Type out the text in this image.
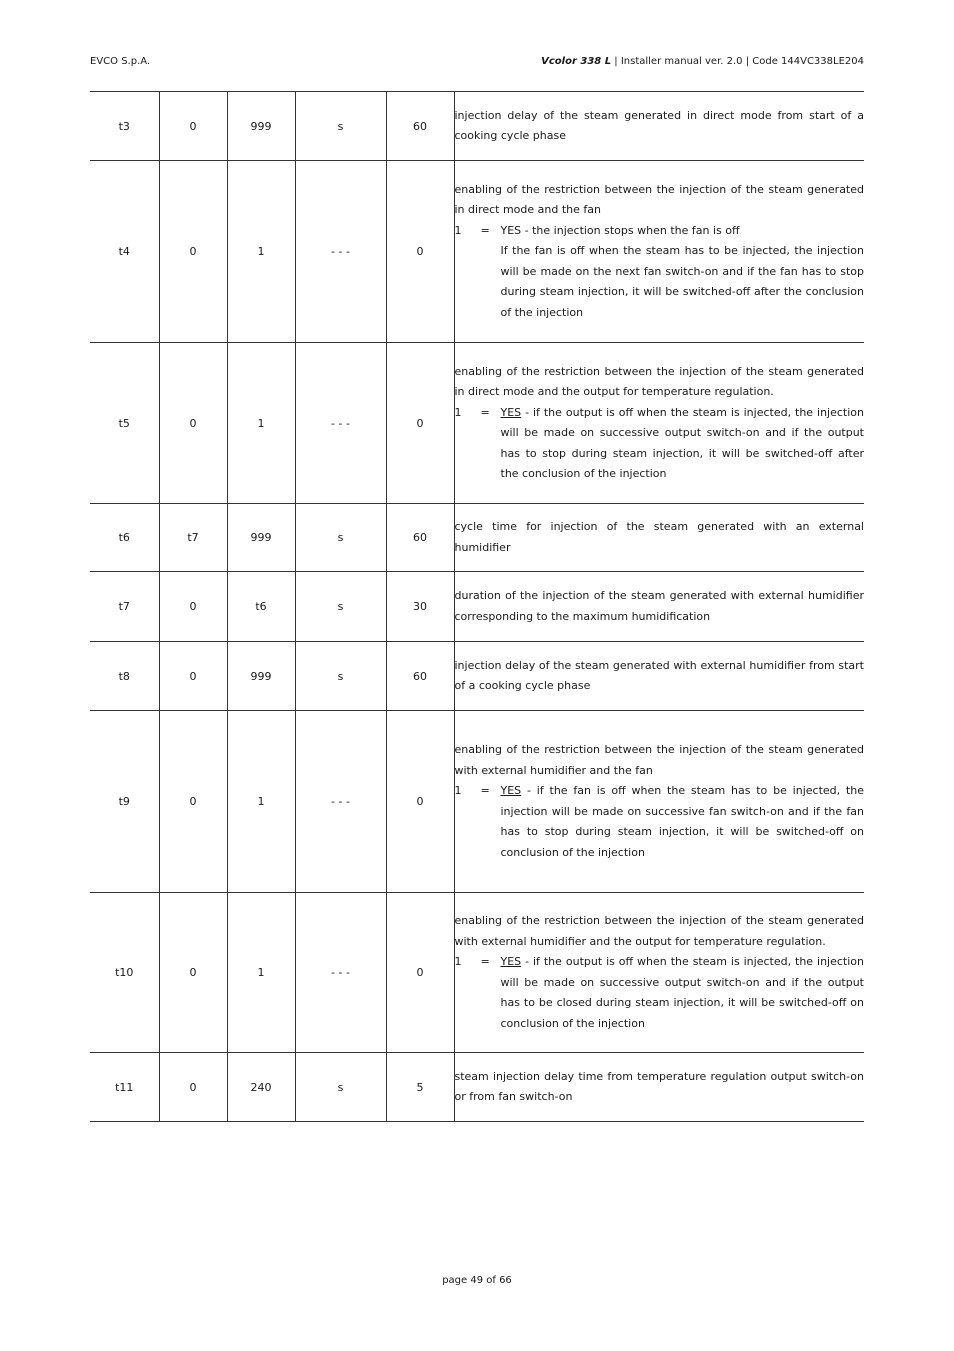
EVCO S.p.A.	Vcolor 338 L | Installer manual ver. 2.0 | Code 144VC338LE204
t3	0	999	s	60	injection delay of the steam generated in direct mode from start of a cooking cycle phase

t4	0	1	- - -	0	enabling of the restriction between the injection of the steam generated in direct mode and the fan
1 = YES - the injection stops when the fan is off
If the fan is off when the steam has to be injected, the injection will be made on the next fan switch-on and if the fan has to stop during steam injection, it will be switched-off after the conclusion of the injection

t5	0	1	- - -	0	enabling of the restriction between the injection of the steam generated in direct mode and the output for temperature regulation.
1 = YES - if the output is off when the steam is injected, the injection will be made on successive output switch-on and if the output has to stop during steam injection, it will be switched-off after the conclusion of the injection

t6	t7	999	s	60	cycle time for injection of the steam generated with an external humidifier

t7	0	t6	s	30	duration of the injection of the steam generated with external humidifier corresponding to the maximum humidification

t8	0	999	s	60	injection delay of the steam generated with external humidifier from start of a cooking cycle phase

t9	0	1	- - -	0	enabling of the restriction between the injection of the steam generated with external humidifier and the fan
1 = YES - if the fan is off when the steam has to be injected, the injection will be made on successive fan switch-on and if the fan has to stop during steam injection, it will be switched-off on conclusion of the injection

t10	0	1	- - -	0	enabling of the restriction between the injection of the steam generated with external humidifier and the output for temperature regulation.
1 = YES - if the output is off when the steam is injected, the injection will be made on successive output switch-on and if the output has to be closed during steam injection, it will be switched-off on conclusion of the injection

t11	0	240	s	5	steam injection delay time from temperature regulation output switch-on or from fan switch-on
page 49 of 66
